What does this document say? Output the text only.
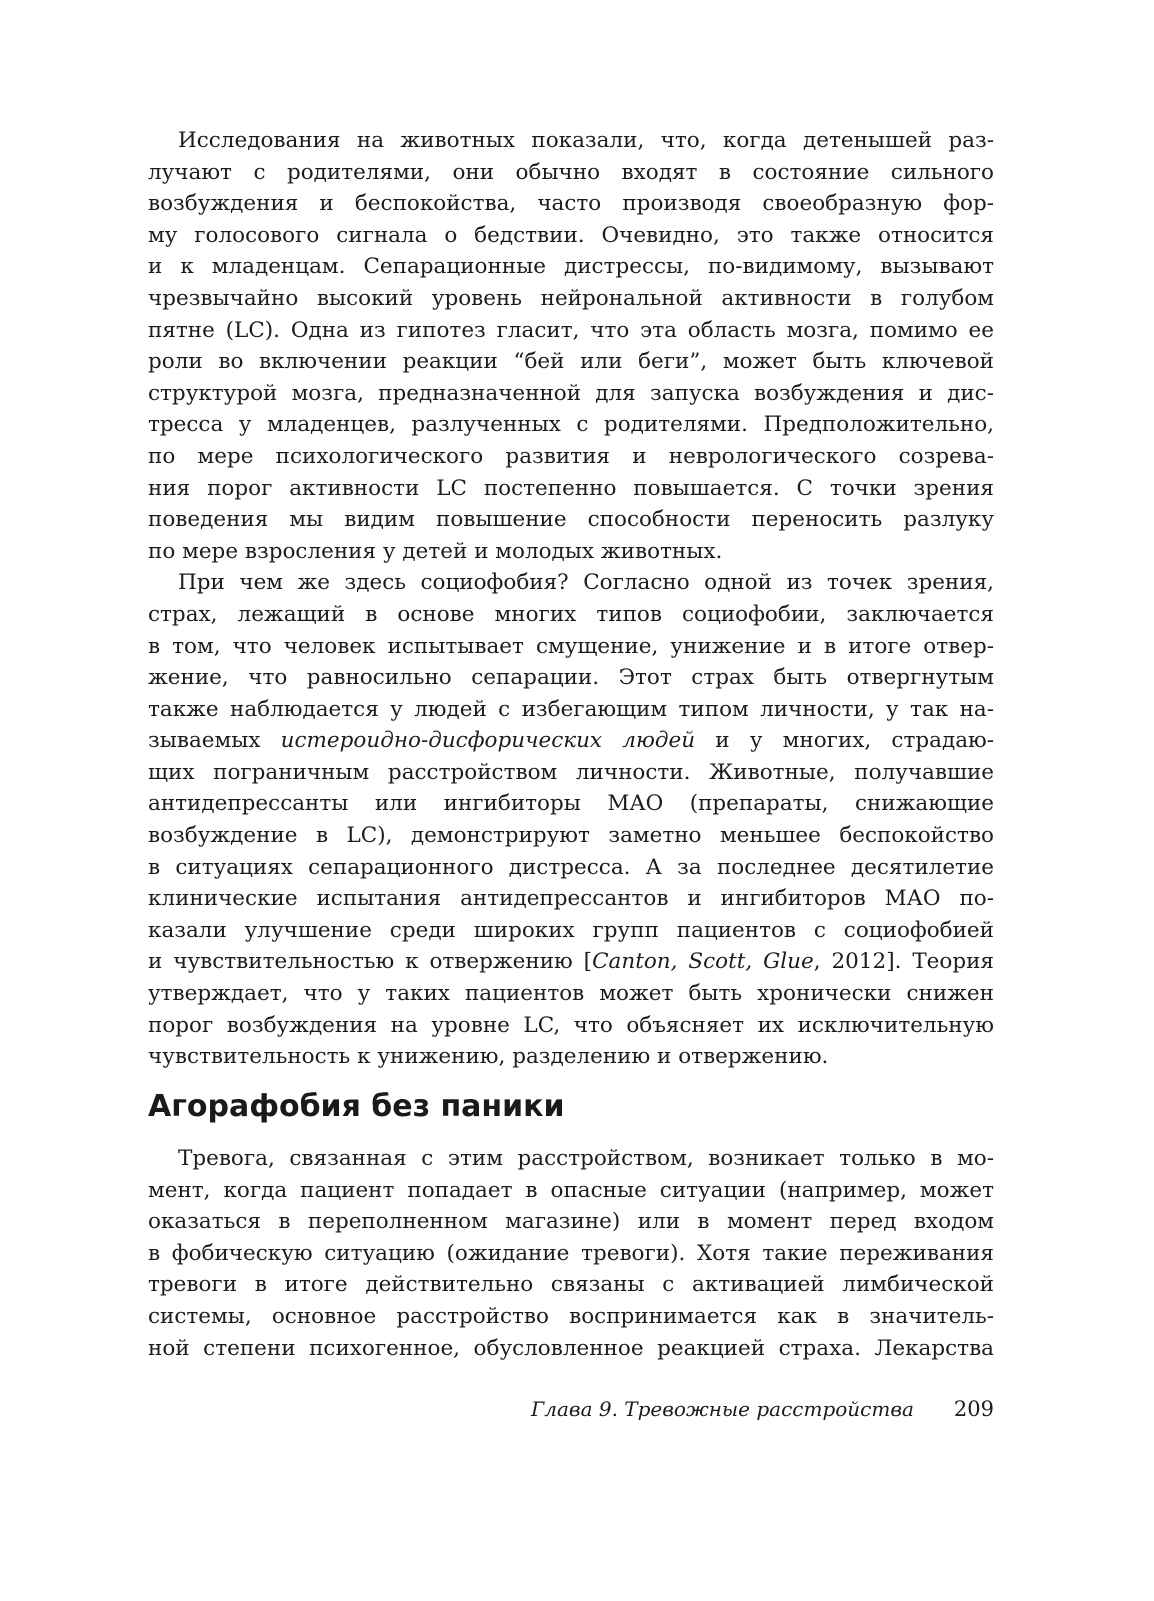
Исследования на животных показали, что, когда детенышей раз-
лучают с родителями, они обычно входят в состояние сильного
возбуждения и беспокойства, часто производя своеобразную фор-
му голосового сигнала о бедствии. Очевидно, это также относится
и к младенцам. Сепарационные дистрессы, по-видимому, вызывают
чрезвычайно высокий уровень нейрональной активности в голубом
пятне (LC). Одна из гипотез гласит, что эта область мозга, помимо ее
роли во включении реакции “бей или беги”, может быть ключевой
структурой мозга, предназначенной для запуска возбуждения и дис-
тресса у младенцев, разлученных с родителями. Предположительно,
по мере психологического развития и неврологического созрева-
ния порог активности LC постепенно повышается. С точки зрения
поведения мы видим повышение способности переносить разлуку
по мере взросления у детей и молодых животных.
При чем же здесь социофобия? Согласно одной из точек зрения,
страх, лежащий в основе многих типов социофобии, заключается
в том, что человек испытывает смущение, унижение и в итоге отвер-
жение, что равносильно сепарации. Этот страх быть отвергнутым
также наблюдается у людей с избегающим типом личности, у так на-
зываемых истероидно-дисфорических людей и у многих, страдаю-
щих пограничным расстройством личности. Животные, получавшие
антидепрессанты или ингибиторы МАО (препараты, снижающие
возбуждение в LC), демонстрируют заметно меньшее беспокойство
в ситуациях сепарационного дистресса. А за последнее десятилетие
клинические испытания антидепрессантов и ингибиторов МАО по-
казали улучшение среди широких групп пациентов с социофобией
и чувствительностью к отвержению [Canton, Scott, Glue, 2012]. Теория
утверждает, что у таких пациентов может быть хронически снижен
порог возбуждения на уровне LC, что объясняет их исключительную
чувствительность к унижению, разделению и отвержению.
Агорафобия без паники
Тревога, связанная с этим расстройством, возникает только в мо-
мент, когда пациент попадает в опасные ситуации (например, может
оказаться в переполненном магазине) или в момент перед входом
в фобическую ситуацию (ожидание тревоги). Хотя такие переживания
тревоги в итоге действительно связаны с активацией лимбической
системы, основное расстройство воспринимается как в значитель-
ной степени психогенное, обусловленное реакцией страха. Лекарства
Глава 9. Тревожные расстройства 209
